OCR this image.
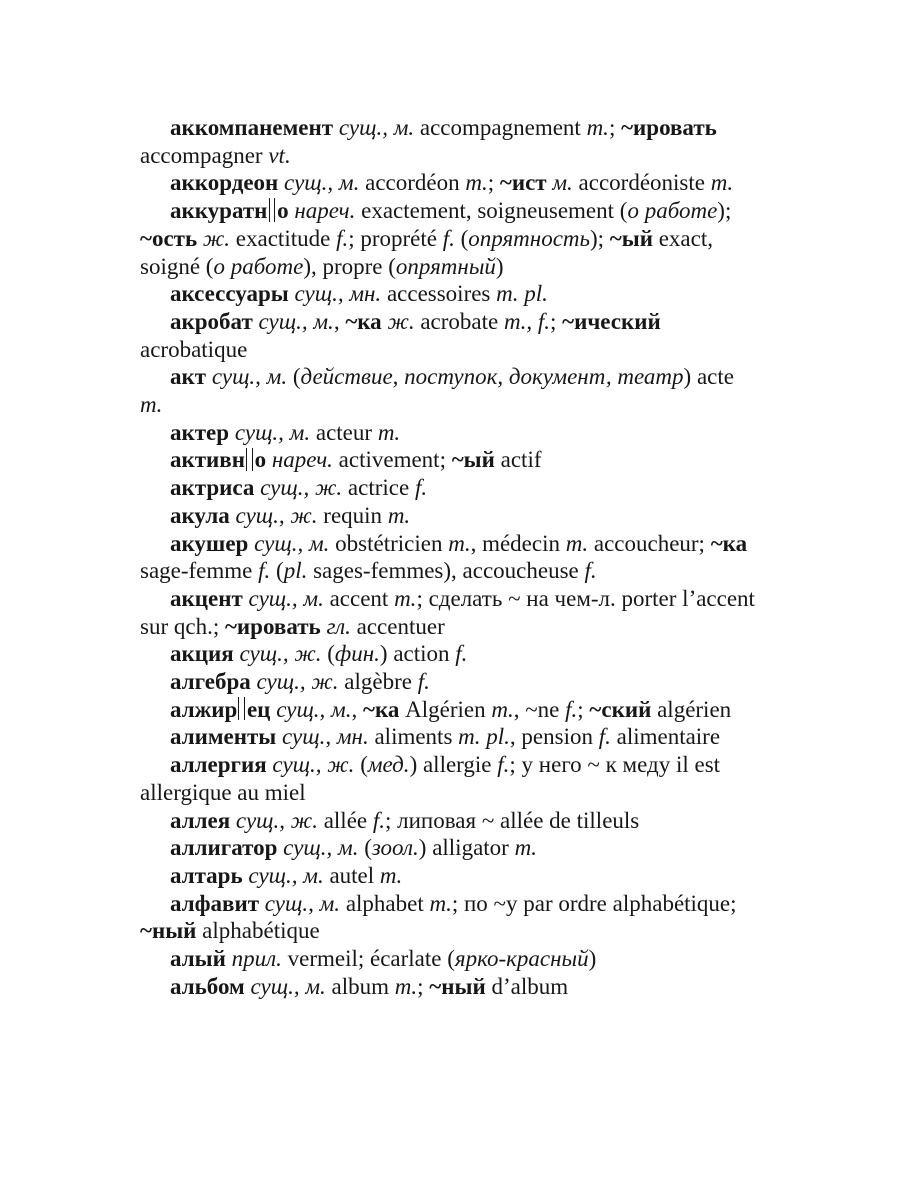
аккомпанемент сущ., м. accompagnement m.; ~ировать accompagner vt.

аккордеон сущ., м. accordéon m.; ~ист м. accordéoniste m.

аккуратн о нареч. exactement, soigneusement (о работе); ~ость ж. exactitude f.; proprété f. (опрятность); ~ый exact, soigné (о работе), propre (опрятный)

аксессуары сущ., мн. accessoires m. pl.

акробат сущ., м., ~ка ж. acrobate m., f.; ~ический acrobatique

акт сущ., м. (действие, поступок, документ, театр) acte m.

актер сущ., м. acteur m.

активн о нареч. activement; ~ый actif

актриса сущ., ж. actrice f.

акула сущ., ж. requin m.

акушер сущ., м. obstétricien m., médecin m. accoucheur; ~ка sage-femme f. (pl. sages-femmes), accoucheuse f.

акцент сущ., м. accent m.; сделать ~ на чем-л. porter l’accent sur qch.; ~ировать гл. accentuer

акция сущ., ж. (фин.) action f.

алгебра сущ., ж. algèbre f.

алжир ец сущ., м., ~ка Algérien m., ~ne f.; ~ский algérien

алименты сущ., мн. aliments m. pl., pension f. alimentaire

аллергия сущ., ж. (мед.) allergie f.; у него ~ к меду il est allergique au miel

аллея сущ., ж. allée f.; липовая ~ allée de tilleuls

аллигатор сущ., м. (зоол.) alligator m.

алтарь сущ., м. autel m.

алфавит сущ., м. alphabet m.; по ~у par ordre alphabétique; ~ный alphabétique

алый прил. vermeil; écarlate (ярко-красный)

альбом сущ., м. album m.; ~ный d’album
